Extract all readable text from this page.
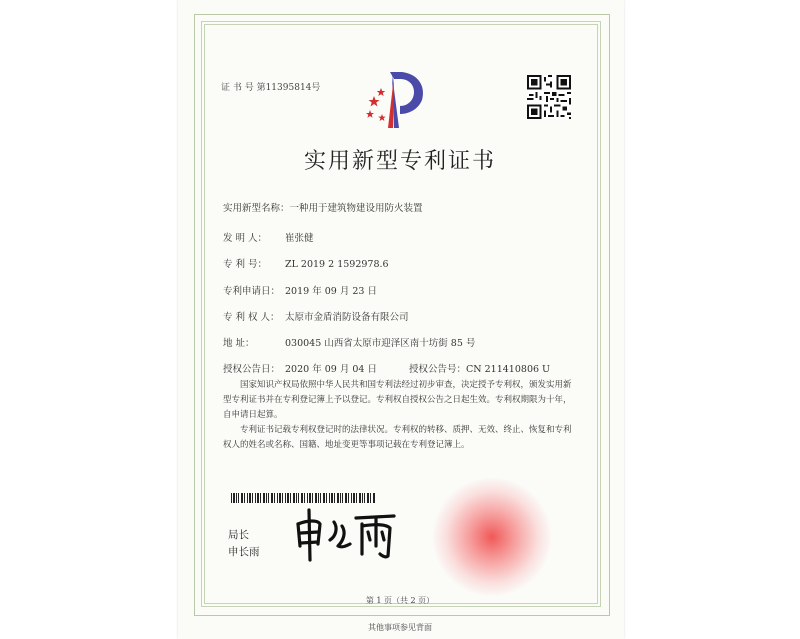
证 书 号 第11395814号
实用新型专利证书
实用新型名称：一种用于建筑物建设用防火装置
发 明 人： 崔张健
专 利 号： ZL 2019 2 1592978.6
专利申请日： 2019 年 09 月 23 日
专 利 权 人： 太原市金盾消防设备有限公司
地 址：	030045 山西省太原市迎泽区南十坊街 85 号
授权公告日： 2020 年 09 月 04 日	授权公告号：CN 211410806 U
国家知识产权局依照中华人民共和国专利法经过初步审查，决定授予专利权，颁发实用新型专利证书并在专利登记簿上予以登记。专利权自授权公告之日起生效。专利权期限为十年，自申请日起算。
专利证书记载专利权登记时的法律状况。专利权的转移、质押、无效、终止、恢复和专利权人的姓名或名称、国籍、地址变更等事项记载在专利登记簿上。
局长
申长雨
第 1 页（共 2 页）
其他事项参见背面
